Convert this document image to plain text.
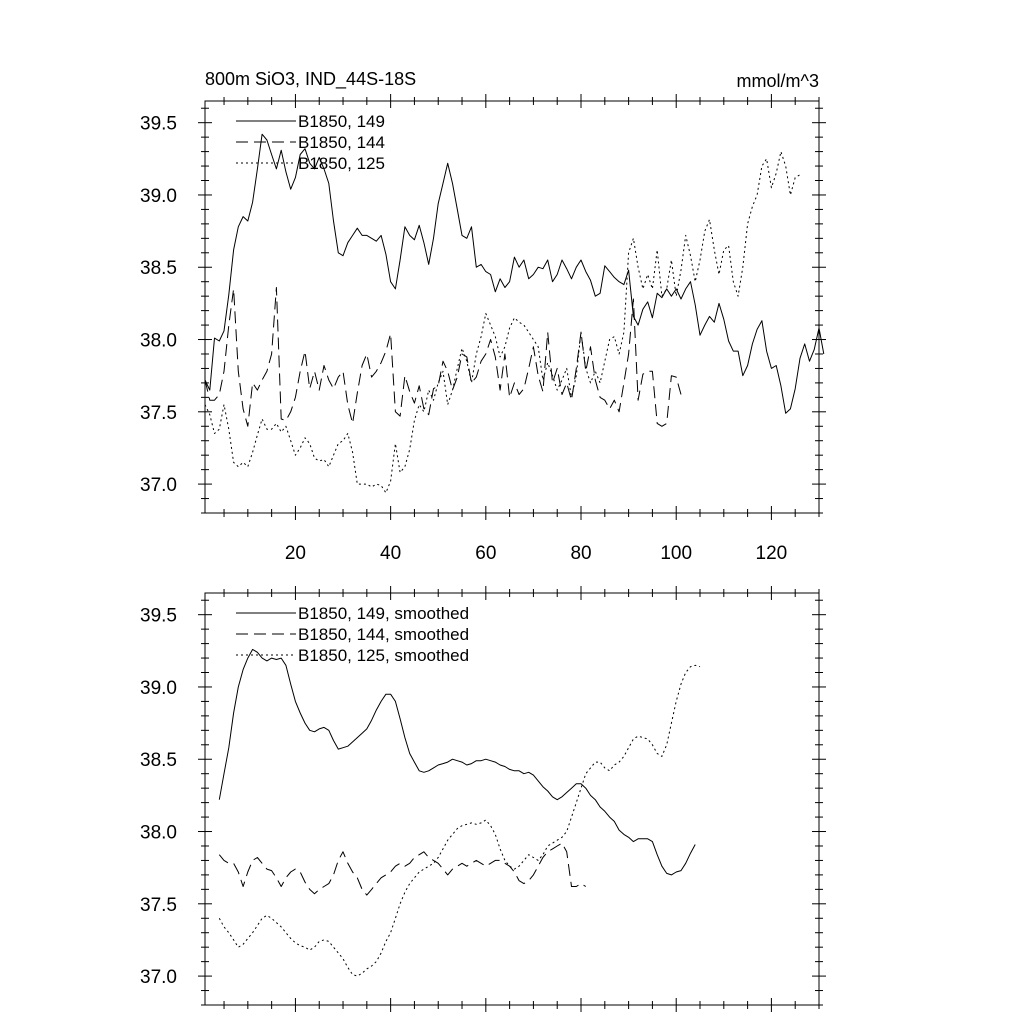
800m SiO3, IND_44S-18S	mmol/m^3
37.0
37.5
38.0
38.5
39.0
39.5
20	40	60	80	100	120
B1850, 149
B1850, 144
B1850, 125
37.0
37.5
38.0
38.5
39.0
39.5	B1850, 149, smoothed
B1850, 144, smoothed
B1850, 125, smoothed
